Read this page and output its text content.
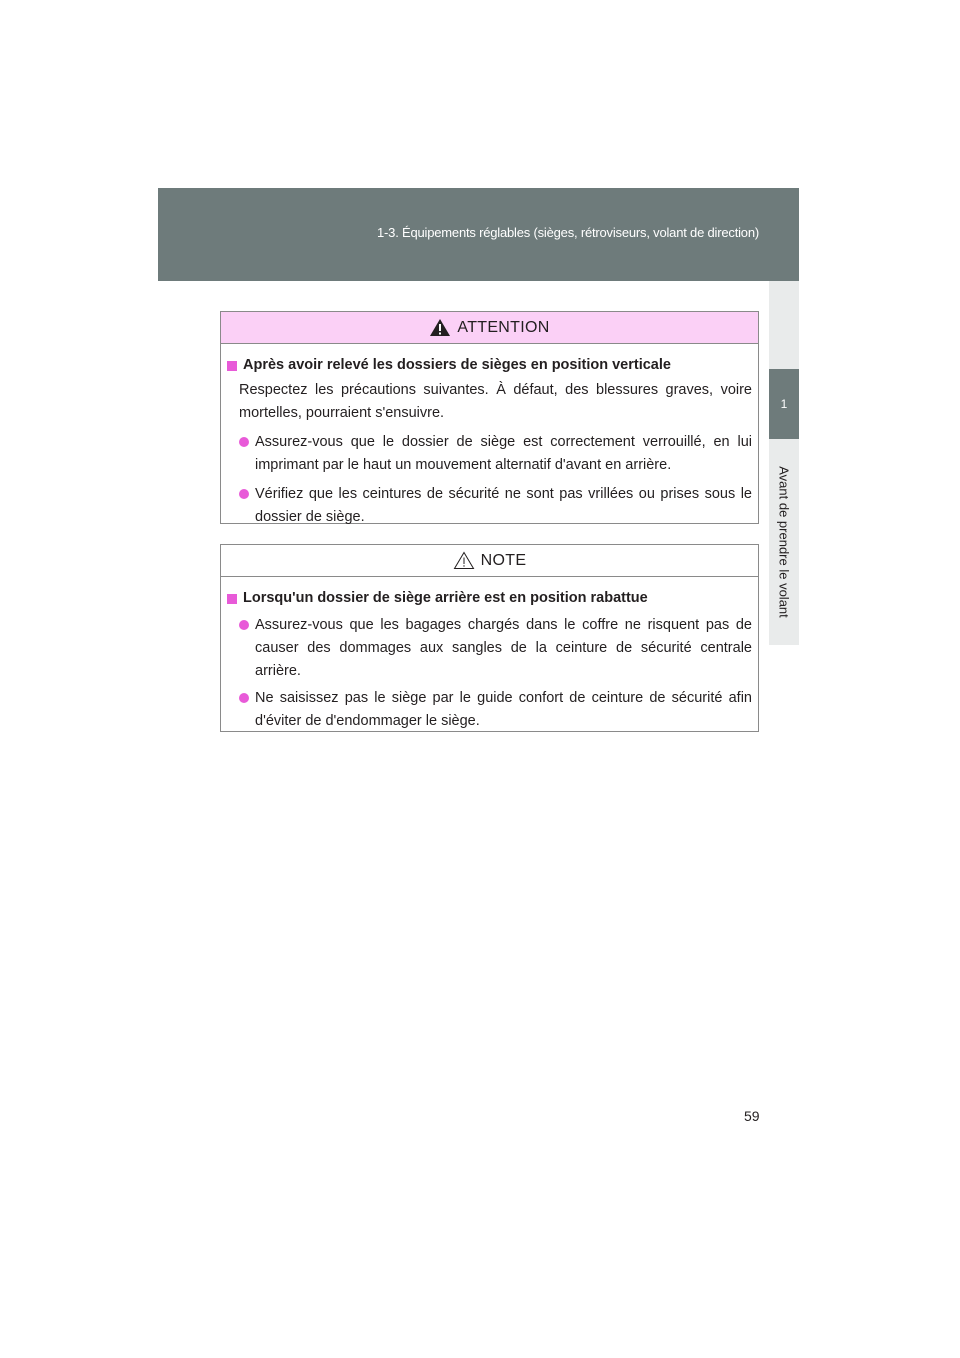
1-3. Équipements réglables (sièges, rétroviseurs, volant de direction)
1
Avant de prendre le volant
ATTENTION
Après avoir relevé les dossiers de sièges en position verticale
Respectez les précautions suivantes. À défaut, des blessures graves, voire mortelles, pourraient s'ensuivre.
Assurez-vous que le dossier de siège est correctement verrouillé, en lui imprimant par le haut un mouvement alternatif d'avant en arrière.
Vérifiez que les ceintures de sécurité ne sont pas vrillées ou prises sous le dossier de siège.
NOTE
Lorsqu'un dossier de siège arrière est en position rabattue
Assurez-vous que les bagages chargés dans le coffre ne risquent pas de causer des dommages aux sangles de la ceinture de sécurité centrale arrière.
Ne saisissez pas le siège par le guide confort de ceinture de sécurité afin d'éviter de d'endommager le siège.
59
